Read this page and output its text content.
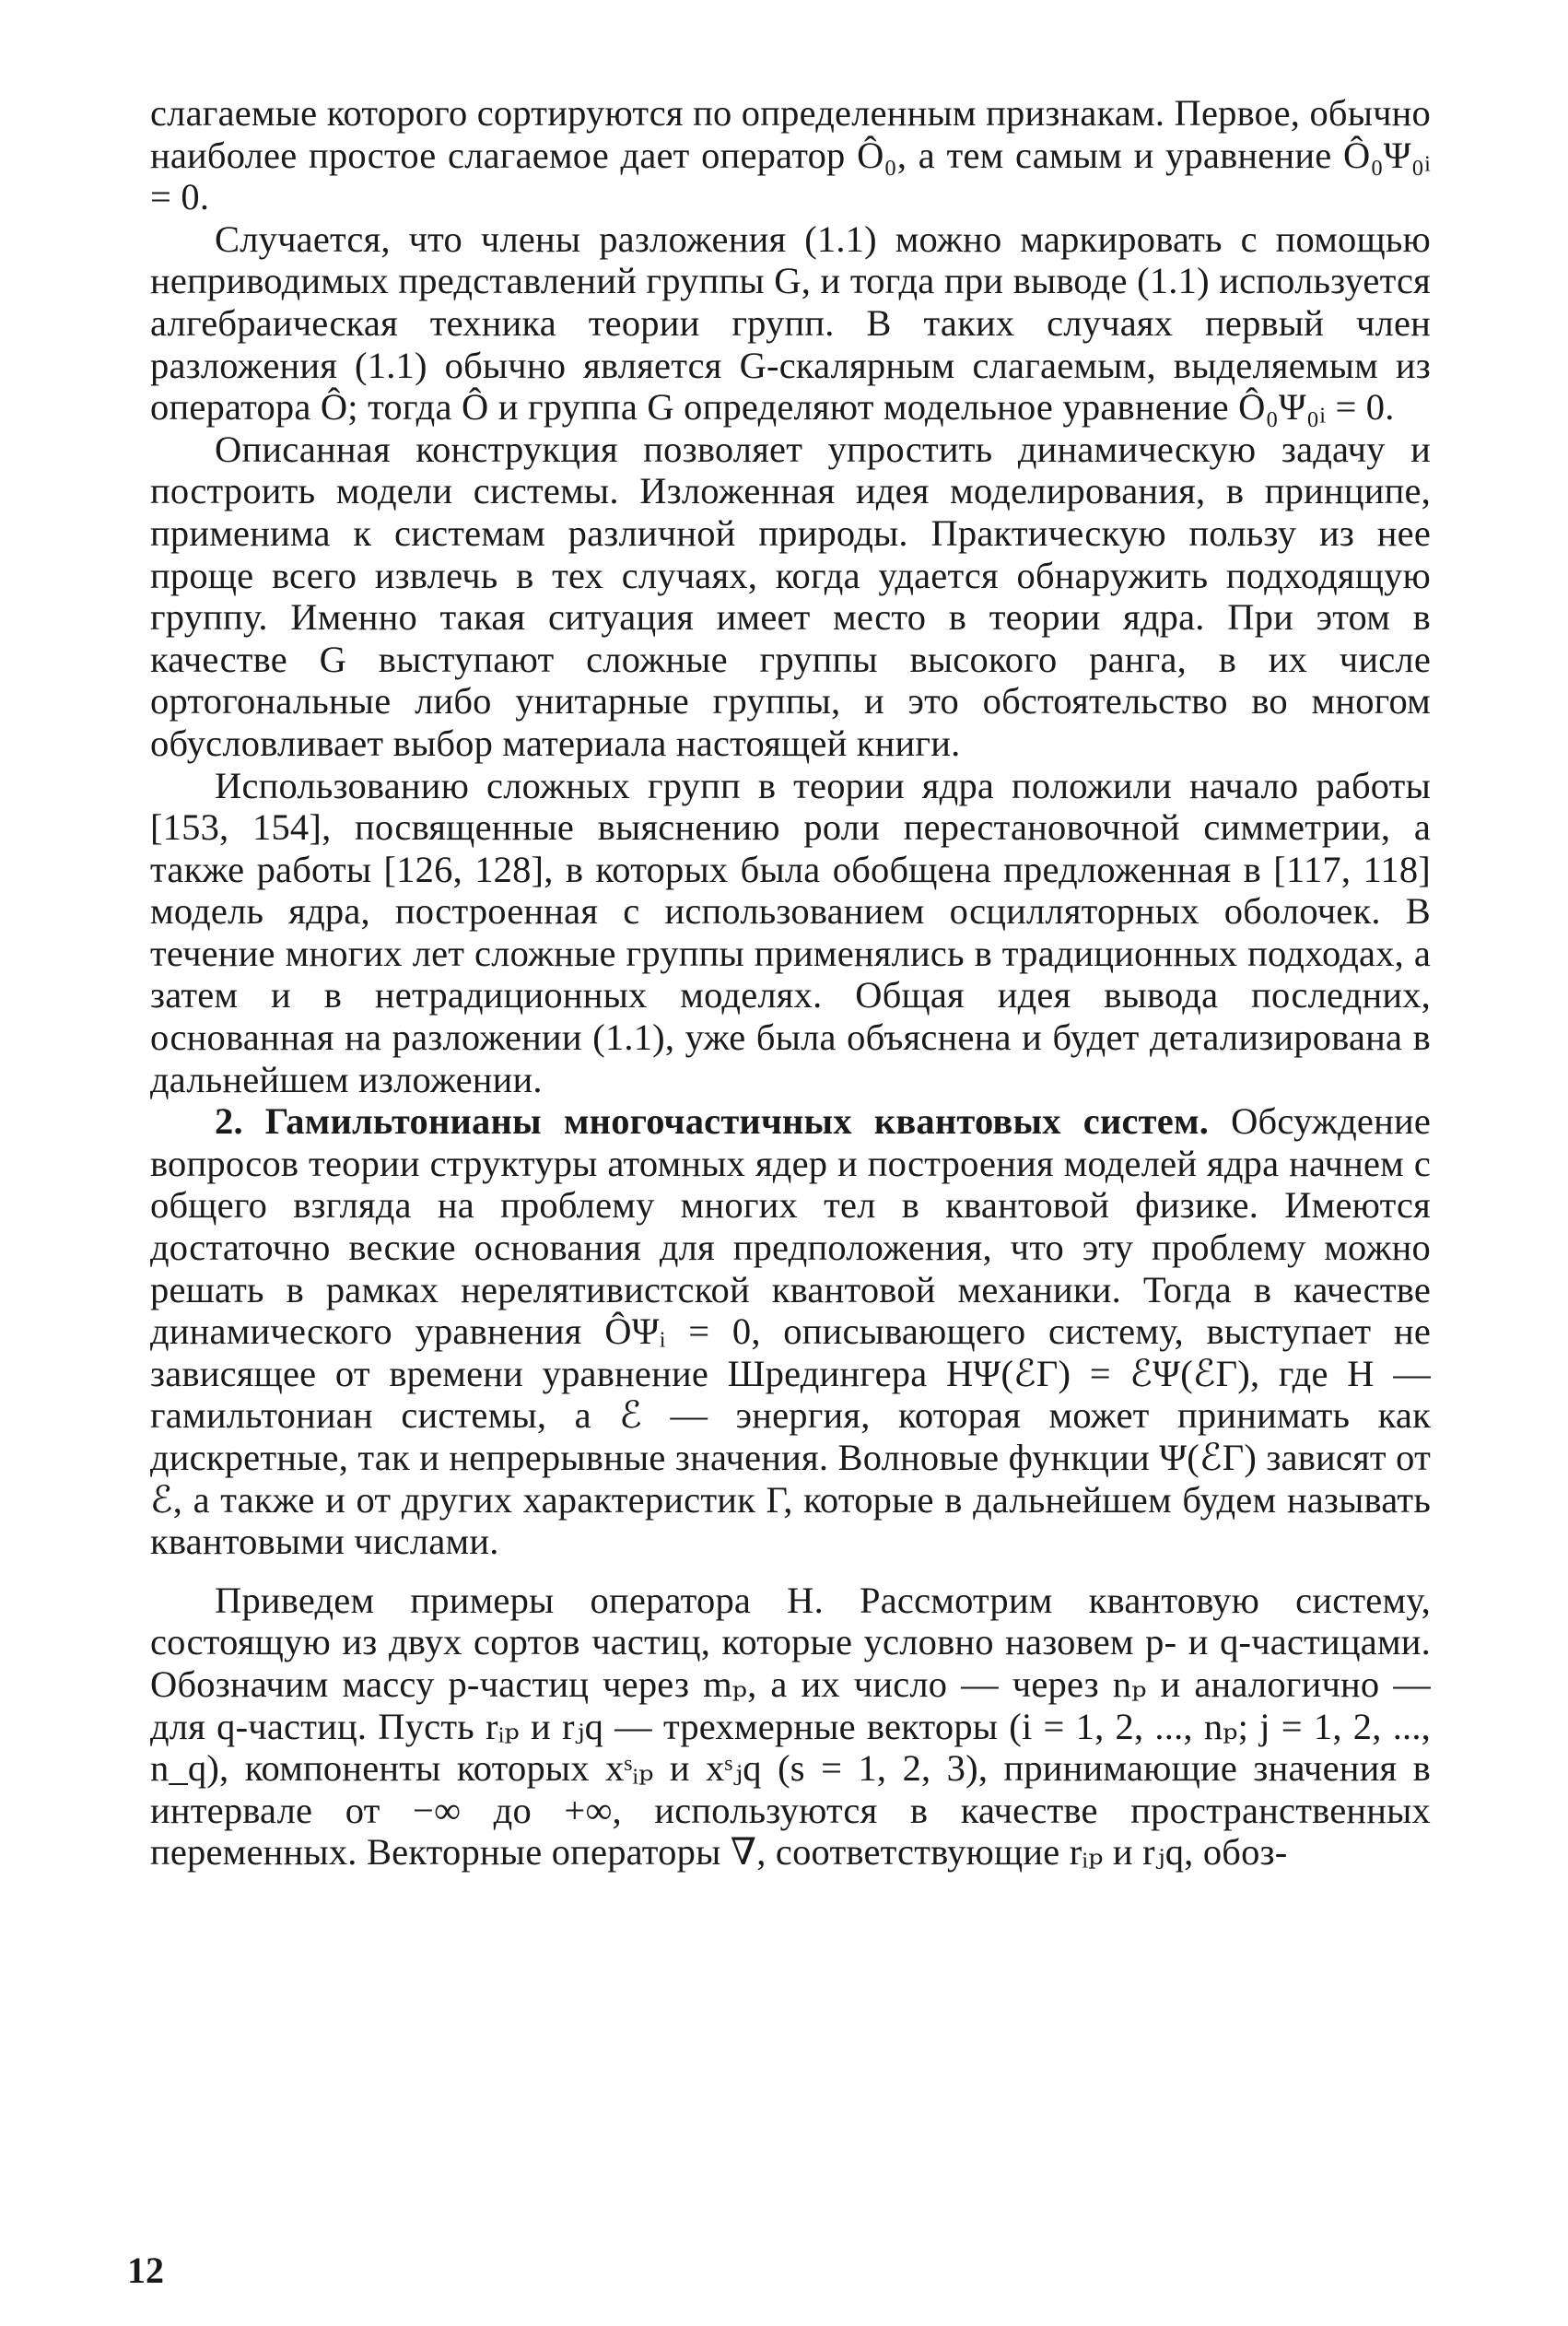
слагаемые которого сортируются по определенным признакам. Первое, обычно наиболее простое слагаемое дает оператор Ô₀, а тем самым и уравнение Ô₀Ψ₀ᵢ = 0.

Случается, что члены разложения (1.1) можно маркировать с помощью неприводимых представлений группы G, и тогда при выводе (1.1) используется алгебраическая техника теории групп. В таких случаях первый член разложения (1.1) обычно является G-скалярным слагаемым, выделяемым из оператора Ô; тогда Ô и группа G определяют модельное уравнение Ô₀Ψ₀ᵢ = 0.

Описанная конструкция позволяет упростить динамическую задачу и построить модели системы. Изложенная идея моделирования, в принципе, применима к системам различной природы. Практическую пользу из нее проще всего извлечь в тех случаях, когда удается обнаружить подходящую группу. Именно такая ситуация имеет место в теории ядра. При этом в качестве G выступают сложные группы высокого ранга, в их числе ортогональные либо унитарные группы, и это обстоятельство во многом обусловливает выбор материала настоящей книги.

Использованию сложных групп в теории ядра положили начало работы [153, 154], посвященные выяснению роли перестановочной симметрии, а также работы [126, 128], в которых была обобщена предложенная в [117, 118] модель ядра, построенная с использованием осцилляторных оболочек. В течение многих лет сложные группы применялись в традиционных подходах, а затем и в нетрадиционных моделях. Общая идея вывода последних, основанная на разложении (1.1), уже была объяснена и будет детализирована в дальнейшем изложении.

2. Гамильтонианы многочастичных квантовых систем. Обсуждение вопросов теории структуры атомных ядер и построения моделей ядра начнем с общего взгляда на проблему многих тел в квантовой физике. Имеются достаточно веские основания для предположения, что эту проблему можно решать в рамках нерелятивистской квантовой механики. Тогда в качестве динамического уравнения ÔΨᵢ = 0, описывающего систему, выступает не зависящее от времени уравнение Шредингера HΨ(ℰΓ) = ℰΨ(ℰΓ), где H — гамильтониан системы, а ℰ — энергия, которая может принимать как дискретные, так и непрерывные значения. Волновые функции Ψ(ℰΓ) зависят от ℰ, а также и от других характеристик Γ, которые в дальнейшем будем называть квантовыми числами.

Приведем примеры оператора H. Рассмотрим квантовую систему, состоящую из двух сортов частиц, которые условно назовем p- и q-частицами. Обозначим массу p-частиц через mₚ, а их число — через nₚ и аналогично — для q-частиц. Пусть rᵢₚ и rⱼq — трехмерные векторы (i = 1, 2, ..., nₚ; j = 1, 2, ..., n_q), компоненты которых xˢᵢₚ и xˢⱼq (s = 1, 2, 3), принимающие значения в интервале от −∞ до +∞, используются в качестве пространственных переменных. Векторные операторы ∇, соответствующие rᵢₚ и rⱼq, обоз-

12
